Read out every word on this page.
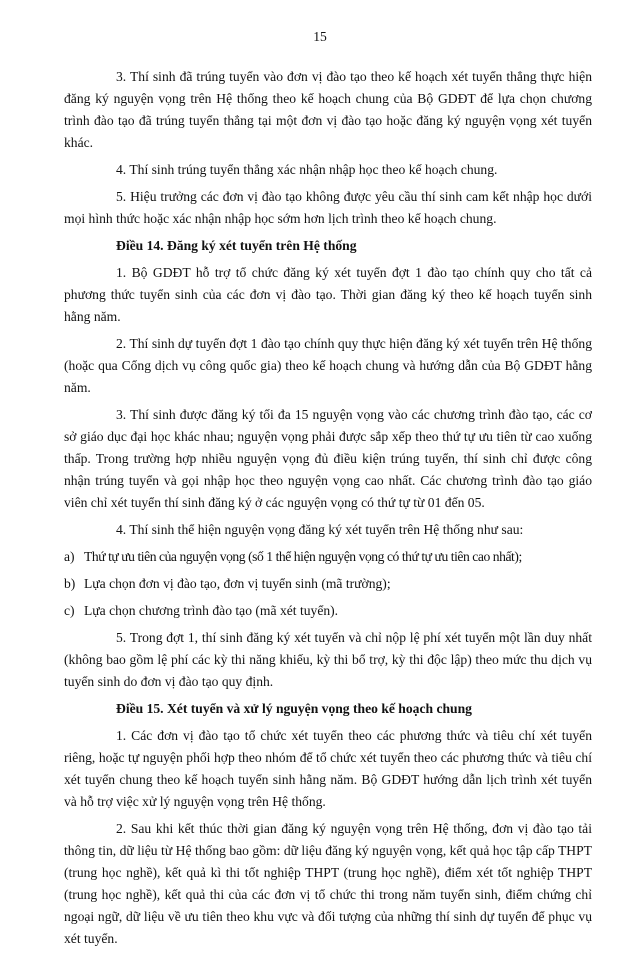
15
3. Thí sinh đã trúng tuyển vào đơn vị đào tạo theo kế hoạch xét tuyển thẳng thực hiện đăng ký nguyện vọng trên Hệ thống theo kế hoạch chung của Bộ GDĐT để lựa chọn chương trình đào tạo đã trúng tuyển thẳng tại một đơn vị đào tạo hoặc đăng ký nguyện vọng xét tuyển khác.
4. Thí sinh trúng tuyển thẳng xác nhận nhập học theo kế hoạch chung.
5. Hiệu trưởng các đơn vị đào tạo không được yêu cầu thí sinh cam kết nhập học dưới mọi hình thức hoặc xác nhận nhập học sớm hơn lịch trình theo kế hoạch chung.
Điều 14. Đăng ký xét tuyển trên Hệ thống
1. Bộ GDĐT hỗ trợ tổ chức đăng ký xét tuyển đợt 1 đào tạo chính quy cho tất cả phương thức tuyển sinh của các đơn vị đào tạo. Thời gian đăng ký theo kế hoạch tuyển sinh hằng năm.
2. Thí sinh dự tuyển đợt 1 đào tạo chính quy thực hiện đăng ký xét tuyển trên Hệ thống (hoặc qua Cổng dịch vụ công quốc gia) theo kế hoạch chung và hướng dẫn của Bộ GDĐT hằng năm.
3. Thí sinh được đăng ký tối đa 15 nguyện vọng vào các chương trình đào tạo, các cơ sở giáo dục đại học khác nhau; nguyện vọng phải được sắp xếp theo thứ tự ưu tiên từ cao xuống thấp. Trong trường hợp nhiều nguyện vọng đủ điều kiện trúng tuyển, thí sinh chỉ được công nhận trúng tuyển và gọi nhập học theo nguyện vọng cao nhất. Các chương trình đào tạo giáo viên chỉ xét tuyển thí sinh đăng ký ở các nguyện vọng có thứ tự từ 01 đến 05.
4. Thí sinh thể hiện nguyện vọng đăng ký xét tuyển trên Hệ thống như sau:
a) Thứ tự ưu tiên của nguyện vọng (số 1 thể hiện nguyện vọng có thứ tự ưu tiên cao nhất);
b) Lựa chọn đơn vị đào tạo, đơn vị tuyển sinh (mã trường);
c) Lựa chọn chương trình đào tạo (mã xét tuyển).
5. Trong đợt 1, thí sinh đăng ký xét tuyển và chỉ nộp lệ phí xét tuyển một lần duy nhất (không bao gồm lệ phí các kỳ thi năng khiếu, kỳ thi bổ trợ, kỳ thi độc lập) theo mức thu dịch vụ tuyển sinh do đơn vị đào tạo quy định.
Điều 15. Xét tuyển và xử lý nguyện vọng theo kế hoạch chung
1. Các đơn vị đào tạo tổ chức xét tuyển theo các phương thức và tiêu chí xét tuyển riêng, hoặc tự nguyện phối hợp theo nhóm để tổ chức xét tuyển theo các phương thức và tiêu chí xét tuyển chung theo kế hoạch tuyển sinh hằng năm. Bộ GDĐT hướng dẫn lịch trình xét tuyển và hỗ trợ việc xử lý nguyện vọng trên Hệ thống.
2. Sau khi kết thúc thời gian đăng ký nguyện vọng trên Hệ thống, đơn vị đào tạo tải thông tin, dữ liệu từ Hệ thống bao gồm: dữ liệu đăng ký nguyện vọng, kết quả học tập cấp THPT (trung học nghề), kết quả kì thi tốt nghiệp THPT (trung học nghề), điểm xét tốt nghiệp THPT (trung học nghề), kết quả thi của các đơn vị tổ chức thi trong năm tuyển sinh, điểm chứng chỉ ngoại ngữ, dữ liệu về ưu tiên theo khu vực và đối tượng của những thí sinh dự tuyển để phục vụ xét tuyển.
